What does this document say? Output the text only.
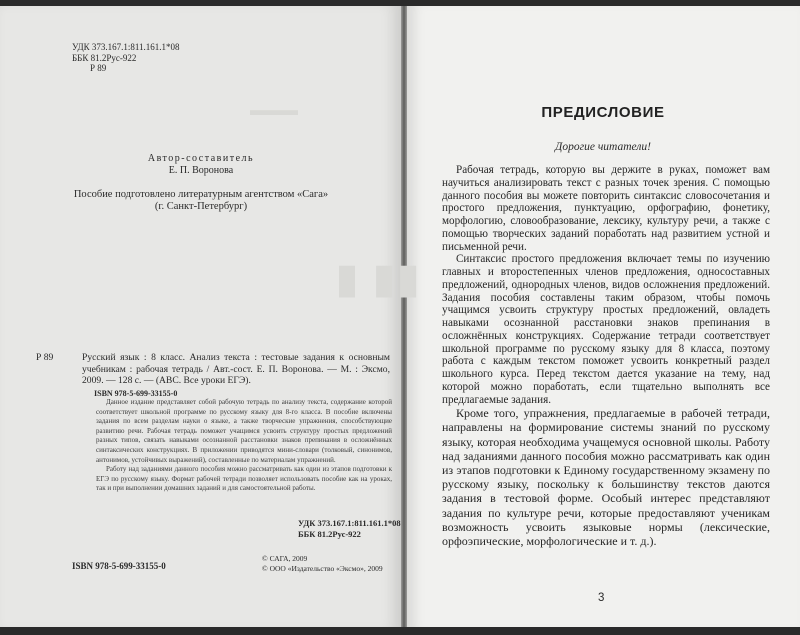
▮ ▮▮
▬▬▬
УДК 373.167.1:811.161.1*08
ББК 81.2Рус-922
Р 89
Автор-составитель
Е. П. Воронова
Пособие подготовлено литературным агентством «Сага»
(г. Санкт-Петербург)
Р 89	Русский язык : 8 класс. Анализ текста : тестовые задания к основным учебникам : рабочая тетрадь / Авт.-сост. Е. П. Воронова. — М. : Эксмо, 2009. — 128 с. — (АВС. Все уроки ЕГЭ).
ISBN 978-5-699-33155-0

Данное издание представляет собой рабочую тетрадь по анализу текста, содержание которой соответствует школьной программе по русскому языку для 8-го класса. В пособие включены задания по всем разделам науки о языке, а также творческие упражнения, способствующие развитию речи. Рабочая тетрадь поможет учащимся усвоить структуру простых предложений разных типов, связать навыками осознанной расстановки знаков препинания в осложнённых синтаксических конструкциях. В приложении приводятся мини-словари (толковый, синонимов, антонимов, устойчивых выражений), составленные по материалам упражнений.

Работу над заданиями данного пособия можно рассматривать как один из этапов подготовки к ЕГЭ по русскому языку. Формат рабочей тетради позволяет использовать пособие как на уроках, так и при выполнении домашних заданий и для самостоятельной работы.

УДК 373.167.1:811.161.1*08
ББК 81.2Рус-922
ISBN 978-5-699-33155-0
© САГА, 2009
© ООО «Издательство «Эксмо», 2009
ПРЕДИСЛОВИЕ
Дорогие читатели!

Рабочая тетрадь, которую вы держите в руках, поможет вам научиться анализировать текст с разных точек зрения. С помощью данного пособия вы можете повторить синтаксис словосочетания и простого предложения, пунктуацию, орфографию, фонетику, морфологию, словообразование, лексику, культуру речи, а также с помощью творческих заданий поработать над развитием устной и письменной речи.

Синтаксис простого предложения включает темы по изучению главных и второстепенных членов предложения, односоставных предложений, однородных членов, видов осложнения предложений. Задания пособия составлены таким образом, чтобы помочь учащимся усвоить структуру простых предложений, овладеть навыками осознанной расстановки знаков препинания в осложнённых конструкциях. Содержание тетради соответствует школьной программе по русскому языку для 8 класса, поэтому работа с каждым текстом поможет усвоить конкретный раздел школьного курса. Перед текстом дается указание на тему, над которой можно поработать, если тщательно выполнять все предлагаемые задания.

Кроме того, упражнения, предлагаемые в рабочей тетради, направлены на формирование системы знаний по русскому языку, которая необходима учащемуся основной школы. Работу над заданиями данного пособия можно рассматривать как один из этапов подготовки к Единому государственному экзамену по русскому языку, поскольку к большинству текстов даются задания в тестовой форме. Особый интерес представляют задания по культуре речи, которые предоставляют ученикам возможность усвоить языковые нормы (лексические, орфоэпические, морфологические и т. д.).

3
